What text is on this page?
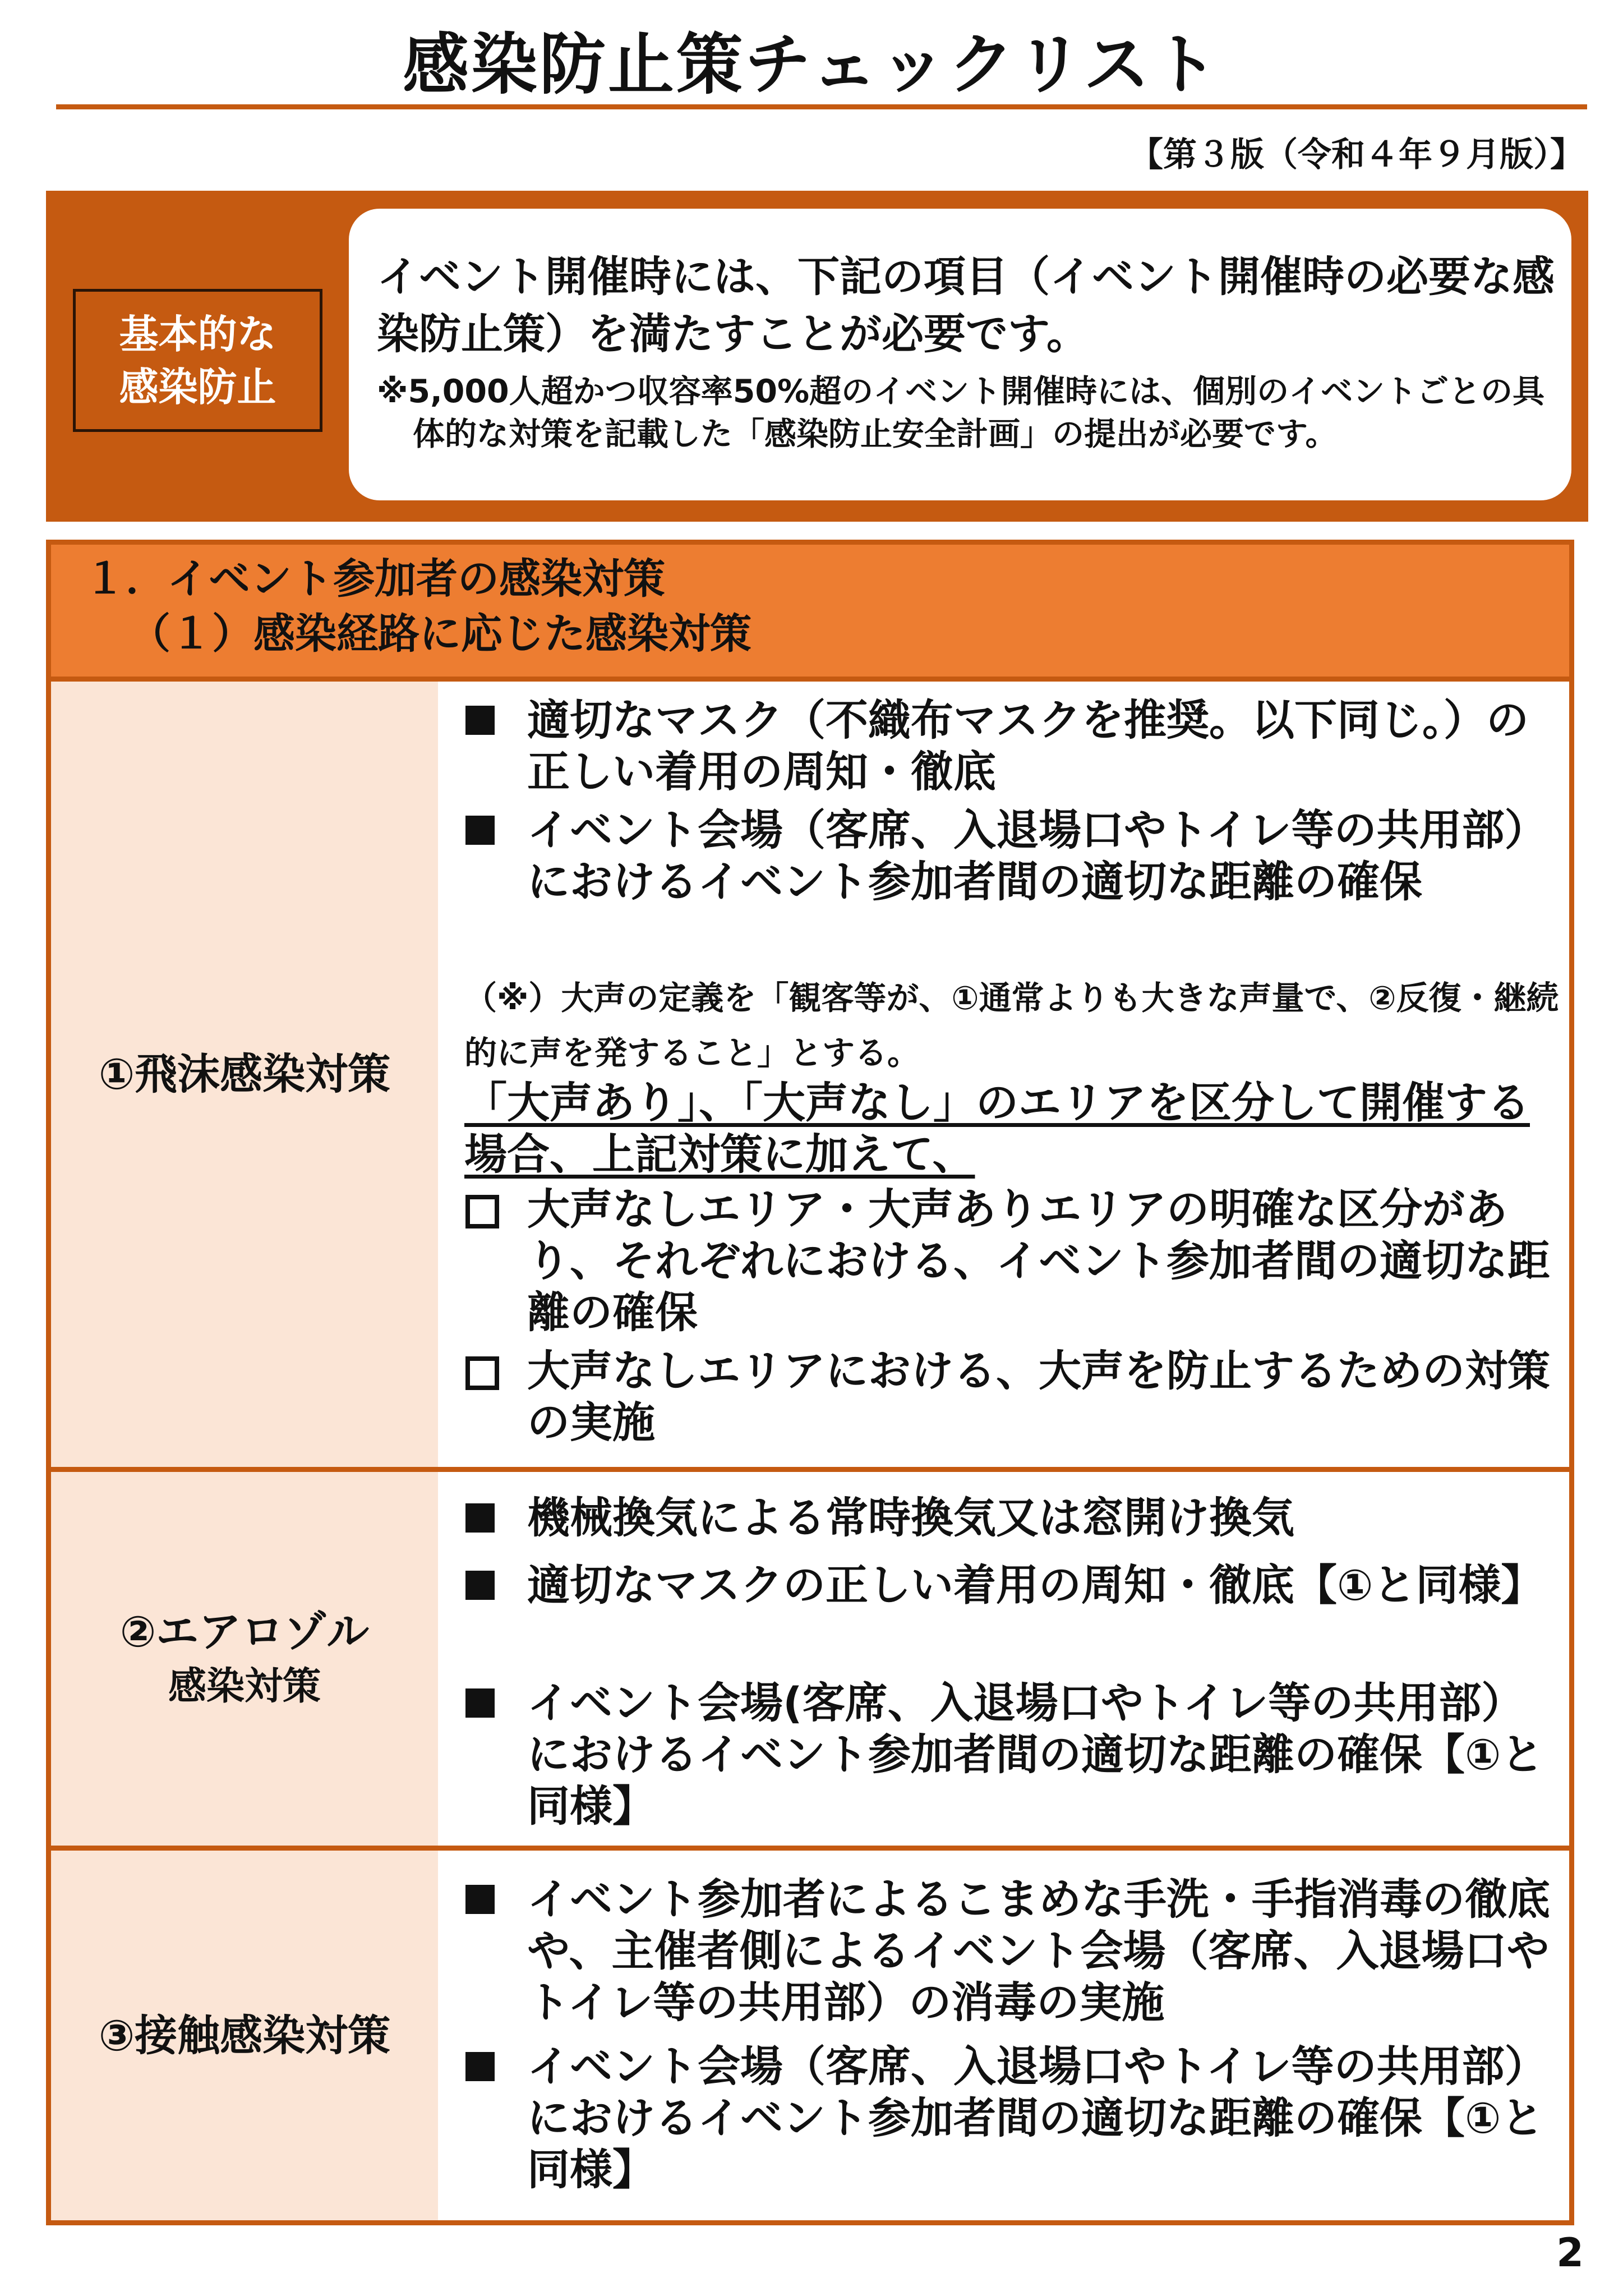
感染防止策チェックリスト
【第３版（令和４年９月版）】
基本的な
感染防止

イベント開催時には、下記の項目（イベント開催時の必要な感染防止策）を満たすことが必要です。

※5,000人超かつ収容率50%超のイベント開催時には、個別のイベントごとの具体的な対策を記載した「感染防止安全計画」の提出が必要です。

１．イベント参加者の感染対策
（１）感染経路に応じた感染対策
①飛沫感染対策
適切なマスク（不織布マスクを推奨。以下同じ。）の正しい着用の周知・徹底
イベント会場（客席、入退場口やトイレ等の共用部）におけるイベント参加者間の適切な距離の確保
（※）大声の定義を「観客等が、①通常よりも大きな声量で、②反復・継続的に声を発すること」とする。
「大声あり」、「大声なし」のエリアを区分して開催する場合、上記対策に加えて、
大声なしエリア・大声ありエリアの明確な区分があり、それぞれにおける、イベント参加者間の適切な距離の確保
大声なしエリアにおける、大声を防止するための対策の実施
②エアロゾル
感染対策
機械換気による常時換気又は窓開け換気
適切なマスクの正しい着用の周知・徹底【①と同様】
イベント会場(客席、入退場口やトイレ等の共用部）におけるイベント参加者間の適切な距離の確保【①と同様】
③接触感染対策
イベント参加者によるこまめな手洗・手指消毒の徹底や、主催者側によるイベント会場（客席、入退場口やトイレ等の共用部）の消毒の実施
イベント会場（客席、入退場口やトイレ等の共用部）におけるイベント参加者間の適切な距離の確保【①と同様】
2
